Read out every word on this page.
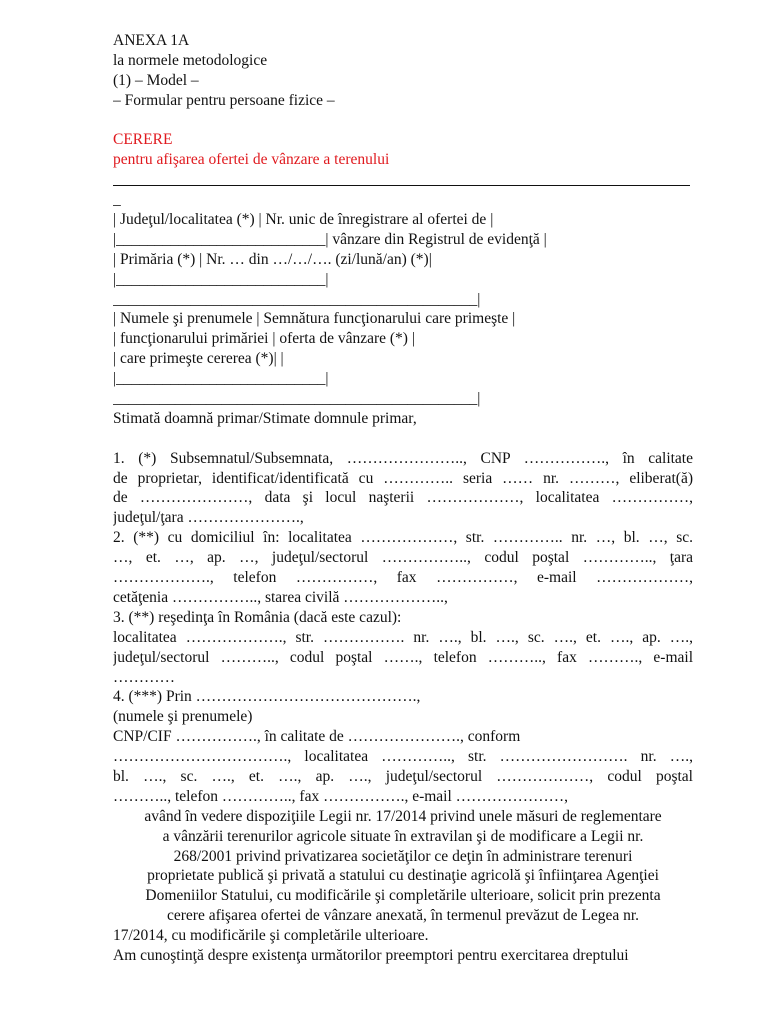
ANEXA 1A
la normele metodologice
(1) – Model –
– Formular pentru persoane fizice –
CERERE
pentru afişarea ofertei de vânzare a terenului
_
| Judeţul/localitatea (*) | Nr. unic de înregistrare al ofertei de |
|___________________________| vânzare din Registrul de evidenţă |
| Primăria (*) | Nr. … din …/…/…. (zi/lună/an) (*)|
|___________________________|
_______________________________________________|
| Numele şi prenumele | Semnătura funcţionarului care primeşte |
| funcţionarului primăriei | oferta de vânzare (*) |
| care primeşte cererea (*)| |
|___________________________|
_______________________________________________|
Stimată doamnă primar/Stimate domnule primar,
1. (*) Subsemnatul/Subsemnata, ………………….., CNP ……………., în calitate
de proprietar, identificat/identificată cu ………….. seria …… nr. ………, eliberat(ă)
de …………………, data şi locul naşterii ………………, localitatea ……………,
judeţul/ţara ………………….,
2. (**) cu domiciliul în: localitatea ………………, str. ………….. nr. …, bl. …, sc.
…, et. …, ap. …, judeţul/sectorul …………….., codul poştal ………….., ţara
………………., telefon ……………, fax ……………, e-mail ………………,
cetăţenia …………….., starea civilă ………………..,
3. (**) reşedinţa în România (dacă este cazul):
localitatea ………………., str. ……………. nr. …., bl. …., sc. …., et. …., ap. ….,
judeţul/sectorul ……….., codul poştal ……., telefon ……….., fax ………., e-mail
…………
4. (***) Prin …………………………………….,
(numele şi prenumele)
CNP/CIF ……………., în calitate de …………………., conform
……………………………., localitatea ………….., str. ……………………. nr. ….,
bl. …., sc. …., et. …., ap. …., judeţul/sectorul ………………, codul poştal
……….., telefon ………….., fax ……………., e-mail …………………,
având în vedere dispoziţiile Legii nr. 17/2014 privind unele măsuri de reglementare
a vânzării terenurilor agricole situate în extravilan şi de modificare a Legii nr.
268/2001 privind privatizarea societăţilor ce deţin în administrare terenuri
proprietate publică şi privată a statului cu destinaţie agricolă şi înfiinţarea Agenţiei
Domeniilor Statului, cu modificările şi completările ulterioare, solicit prin prezenta
cerere afişarea ofertei de vânzare anexată, în termenul prevăzut de Legea nr.
17/2014, cu modificările şi completările ulterioare.
Am cunoştinţă despre existenţa următorilor preemptori pentru exercitarea dreptului
